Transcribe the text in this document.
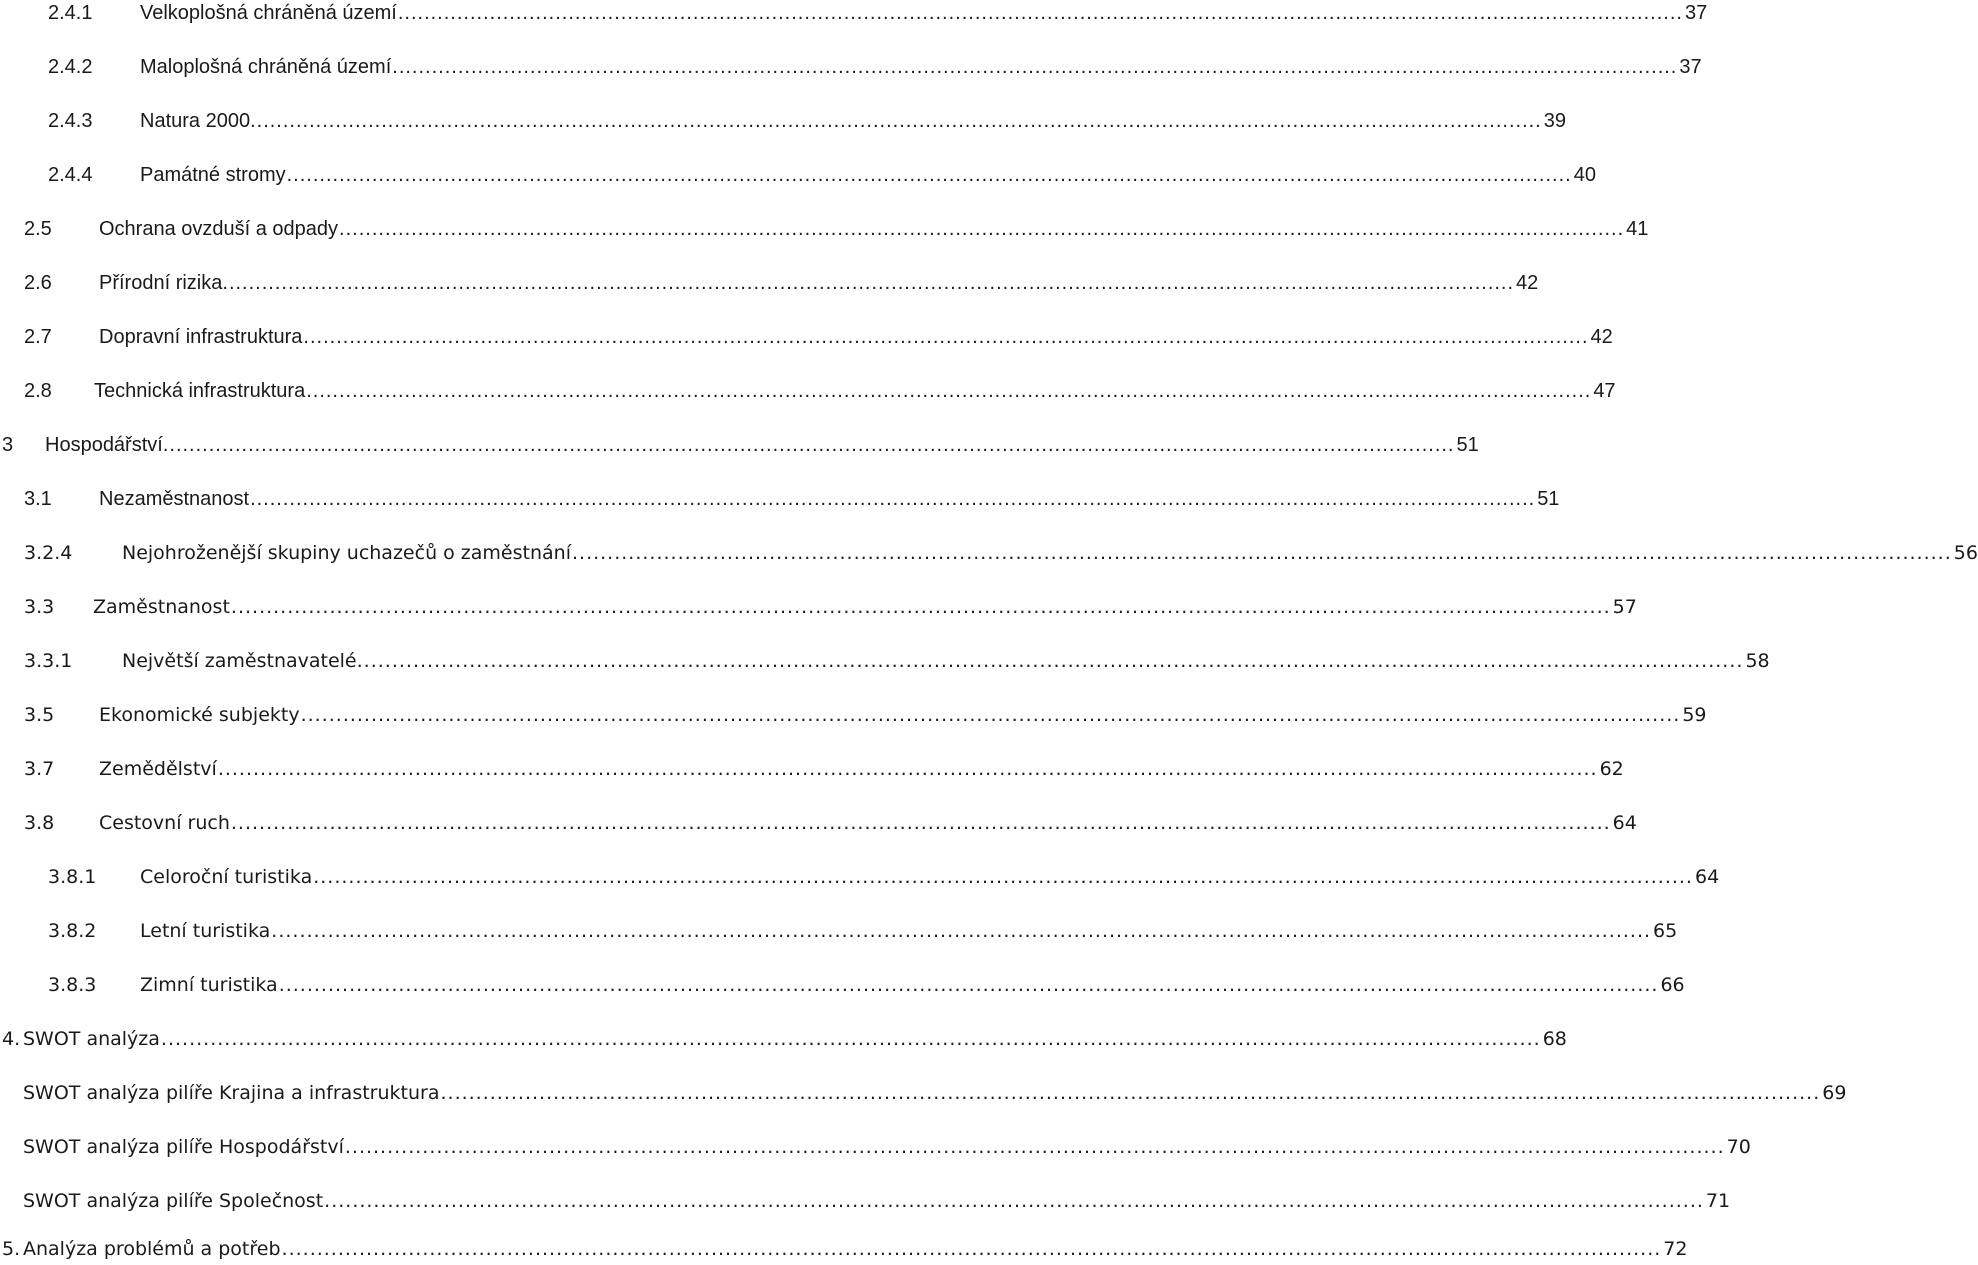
2.4.1 Velkoplošná chráněná území .................................................................................................................................................................................................... 37
2.4.2 Maloplošná chráněná území .................................................................................................................................................................................................... 37
2.4.3 Natura 2000. .................................................................................................................................................................................................... 39
2.4.4 Památné stromy .................................................................................................................................................................................................... 40
2.5 Ochrana ovzduší a odpady .................................................................................................................................................................................................... 41
2.6 Přírodní rizika. .................................................................................................................................................................................................... 42
2.7 Dopravní infrastruktura .................................................................................................................................................................................................... 42
2.8 Technická infrastruktura .................................................................................................................................................................................................... 47
3 Hospodářství. .................................................................................................................................................................................................... 51
3.1 Nezaměstnanost .................................................................................................................................................................................................... 51
3.2.4	Nejohroženější skupiny uchazečů o zaměstnání .................................................................................................................................................................................................... 56
3.3 Zaměstnanost .................................................................................................................................................................................................... 57
3.3.1	Největší zaměstnavatelé. .................................................................................................................................................................................................... 58
3.5 Ekonomické subjekty .................................................................................................................................................................................................... 59
3.7 Zemědělství .................................................................................................................................................................................................... 62
3.8 Cestovní ruch .................................................................................................................................................................................................... 64
3.8.1 Celoroční turistika .................................................................................................................................................................................................... 64
3.8.2 Letní turistika .................................................................................................................................................................................................... 65
3.8.3 Zimní turistika .................................................................................................................................................................................................... 66
4. SWOT analýza .................................................................................................................................................................................................... 68
SWOT analýza pilíře Krajina a infrastruktura .................................................................................................................................................................................................... 69
SWOT analýza pilíře Hospodářství .................................................................................................................................................................................................... 70
SWOT analýza pilíře Společnost .................................................................................................................................................................................................... 71
5. Analýza problémů a potřeb .................................................................................................................................................................................................... 72
